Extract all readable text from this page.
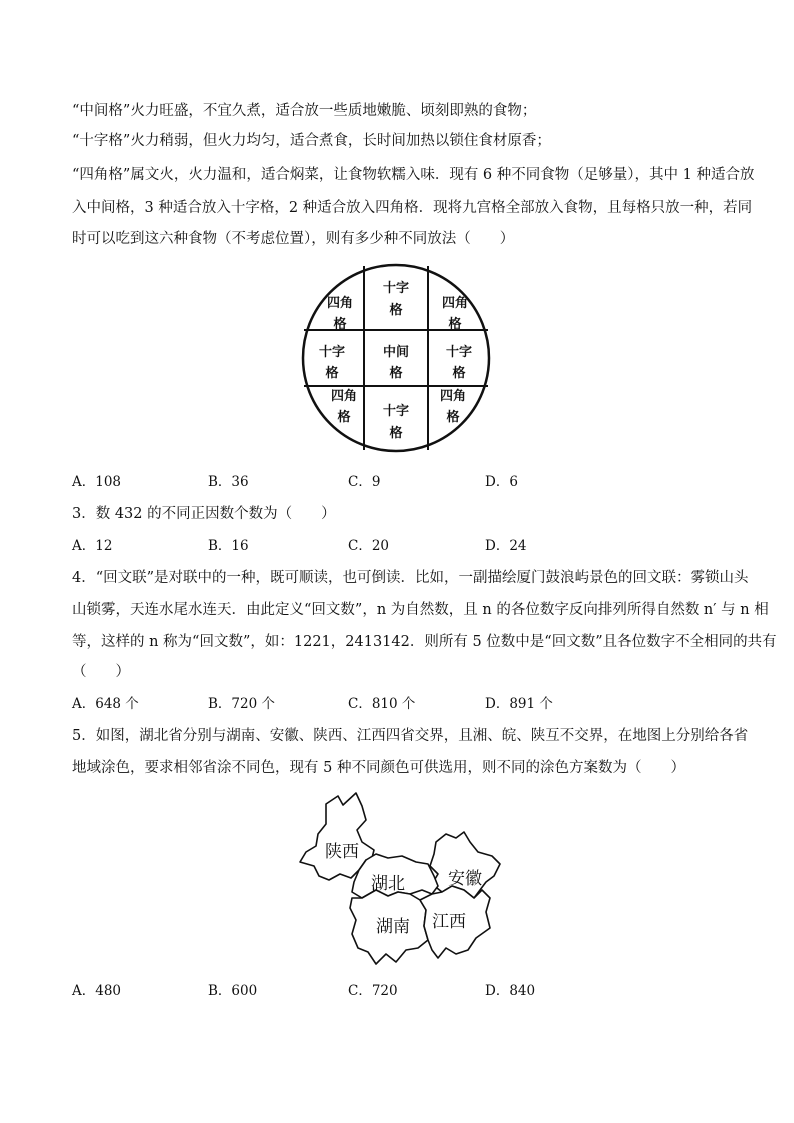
“中间格”火力旺盛，不宜久煮，适合放一些质地嫩脆、顷刻即熟的食物；
“十字格”火力稍弱，但火力均匀，适合煮食，长时间加热以锁住食材原香；
“四角格”属文火，火力温和，适合焖菜，让食物软糯入味．现有 6 种不同食物（足够量），其中 1 种适合放
入中间格，3 种适合放入十字格，2 种适合放入四角格．现将九宫格全部放入食物，且每格只放一种，若同
时可以吃到这六种食物（不考虑位置），则有多少种不同放法（　　）
四角
格
十字
格	四角
格
十字
格
中间
格
十字
格
四角
格 十字
格
四角
格
A．108	B．36	C．9	D．6
3．数 432 的不同正因数个数为（　　）
A．12	B．16	C．20	D．24
4．“回文联”是对联中的一种，既可顺读，也可倒读．比如，一副描绘厦门鼓浪屿景色的回文联：雾锁山头
山锁雾，天连水尾水连天．由此定义“回文数”，n 为自然数，且 n 的各位数字反向排列所得自然数 n′ 与 n 相
等，这样的 n 称为“回文数”，如：1221，2413142．则所有 5 位数中是“回文数”且各位数字不全相同的共有
（　　）
A．648 个	B．720 个	C．810 个	D．891 个
5．如图，湖北省分别与湖南、安徽、陕西、江西四省交界，且湘、皖、陕互不交界，在地图上分别给各省
地域涂色，要求相邻省涂不同色，现有 5 种不同颜色可供选用，则不同的涂色方案数为（　　）
陕西
湖北	安徽
湖南 江西
A．480	B．600	C．720	D．840
